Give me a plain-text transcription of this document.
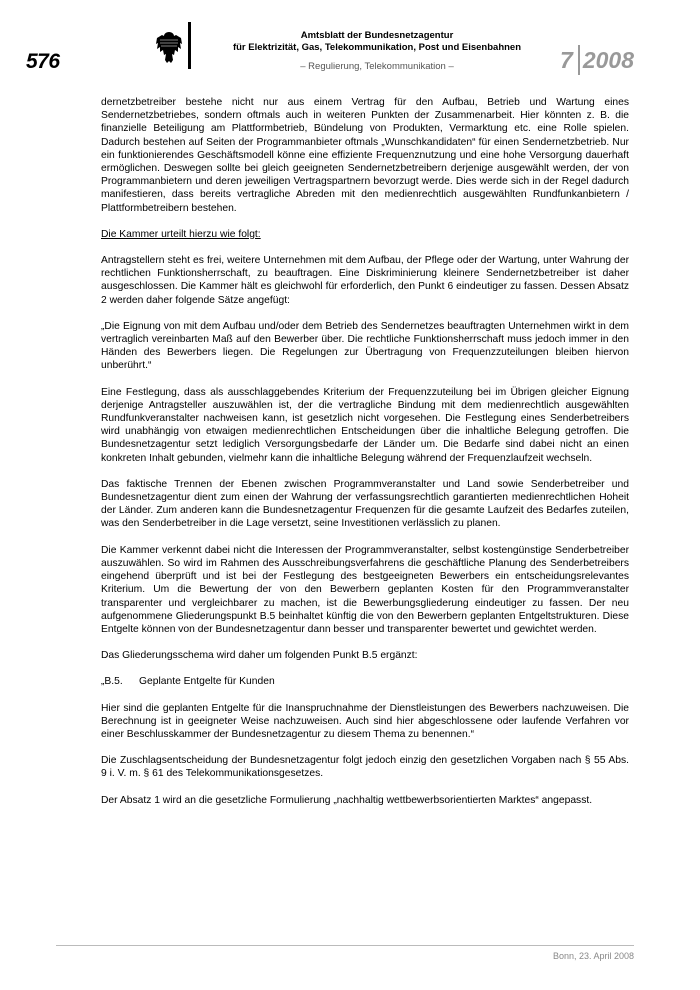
576
Amtsblatt der Bundesnetzagentur
für Elektrizität, Gas, Telekommunikation, Post und Eisenbahnen
– Regulierung, Telekommunikation –	7 2008

dernetzbetreiber bestehe nicht nur aus einem Vertrag für den Aufbau, Betrieb und Wartung eines Sendernetzbetriebes, sondern oftmals auch in weiteren Punkten der Zusammenarbeit. Hier könnten z. B. die finanzielle Beteiligung am Plattformbetrieb, Bündelung von Produkten, Vermarktung etc. eine Rolle spielen. Dadurch bestehen auf Seiten der Programmanbieter oftmals „Wunschkandidaten“ für einen Sendernetzbetrieb. Nur ein funktionierendes Geschäftsmodell könne eine effiziente Frequenznutzung und eine hohe Versorgung dauerhaft ermöglichen. Deswegen sollte bei gleich geeigneten Sendernetzbetreibern derjenige ausgewählt werden, der von Programmanbietern und deren jeweiligen Vertragspartnern bevorzugt werde. Dies werde sich in der Regel dadurch manifestieren, dass bereits vertragliche Abreden mit den medienrechtlich ausgewählten Rundfunkanbietern / Plattformbetreibern bestehen.

Die Kammer urteilt hierzu wie folgt:

Antragstellern steht es frei, weitere Unternehmen mit dem Aufbau, der Pflege oder der Wartung, unter Wahrung der rechtlichen Funktionsherrschaft, zu beauftragen. Eine Diskriminierung kleinere Sendernetzbetreiber ist daher ausgeschlossen. Die Kammer hält es gleichwohl für erforderlich, den Punkt 6 eindeutiger zu fassen. Dessen Absatz 2 werden daher folgende Sätze angefügt:

„Die Eignung von mit dem Aufbau und/oder dem Betrieb des Sendernetzes beauftragten Unternehmen wirkt in dem vertraglich vereinbarten Maß auf den Bewerber über. Die rechtliche Funktionsherrschaft muss jedoch immer in den Händen des Bewerbers liegen. Die Regelungen zur Übertragung von Frequenzzuteilungen bleiben hiervon unberührt.“

Eine Festlegung, dass als ausschlaggebendes Kriterium der Frequenzzuteilung bei im Übrigen gleicher Eignung derjenige Antragsteller auszuwählen ist, der die vertragliche Bindung mit dem medienrechtlich ausgewählten Rundfunkveranstalter nachweisen kann, ist gesetzlich nicht vorgesehen. Die Festlegung eines Senderbetreibers wird unabhängig von etwaigen medienrechtlichen Entscheidungen über die inhaltliche Belegung getroffen. Die Bundesnetzagentur setzt lediglich Versorgungsbedarfe der Länder um. Die Bedarfe sind dabei nicht an einen konkreten Inhalt gebunden, vielmehr kann die inhaltliche Belegung während der Frequenzlaufzeit wechseln.

Das faktische Trennen der Ebenen zwischen Programmveranstalter und Land sowie Senderbetreiber und Bundesnetzagentur dient zum einen der Wahrung der verfassungsrechtlich garantierten medienrechtlichen Hoheit der Länder. Zum anderen kann die Bundesnetzagentur Frequenzen für die gesamte Laufzeit des Bedarfes zuteilen, was den Senderbetreiber in die Lage versetzt, seine Investitionen verlässlich zu planen.

Die Kammer verkennt dabei nicht die Interessen der Programmveranstalter, selbst kostengünstige Senderbetreiber auszuwählen. So wird im Rahmen des Ausschreibungsverfahrens die geschäftliche Planung des Senderbetreibers eingehend überprüft und ist bei der Festlegung des bestgeeigneten Bewerbers ein entscheidungsrelevantes Kriterium. Um die Bewertung der von den Bewerbern geplanten Kosten für den Programmveranstalter transparenter und vergleichbarer zu machen, ist die Bewerbungsgliederung eindeutiger zu fassen. Der neu aufgenommene Gliederungspunkt B.5 beinhaltet künftig die von den Bewerbern geplanten Entgeltstrukturen. Diese Entgelte können von der Bundesnetzagentur dann besser und transparenter bewertet und gewichtet werden.

Das Gliederungsschema wird daher um folgenden Punkt B.5 ergänzt:

„B.5. Geplante Entgelte für Kunden

Hier sind die geplanten Entgelte für die Inanspruchnahme der Dienstleistungen des Bewerbers nachzuweisen. Die Berechnung ist in geeigneter Weise nachzuweisen. Auch sind hier abgeschlossene oder laufende Verfahren vor einer Beschlusskammer der Bundesnetzagentur zu diesem Thema zu benennen.“

Die Zuschlagsentscheidung der Bundesnetzagentur folgt jedoch einzig den gesetzlichen Vorgaben nach § 55 Abs. 9 i. V. m. § 61 des Telekommunikationsgesetzes.

Der Absatz 1 wird an die gesetzliche Formulierung „nachhaltig wettbewerbsorientierten Marktes“ angepasst.

Bonn, 23. April 2008
